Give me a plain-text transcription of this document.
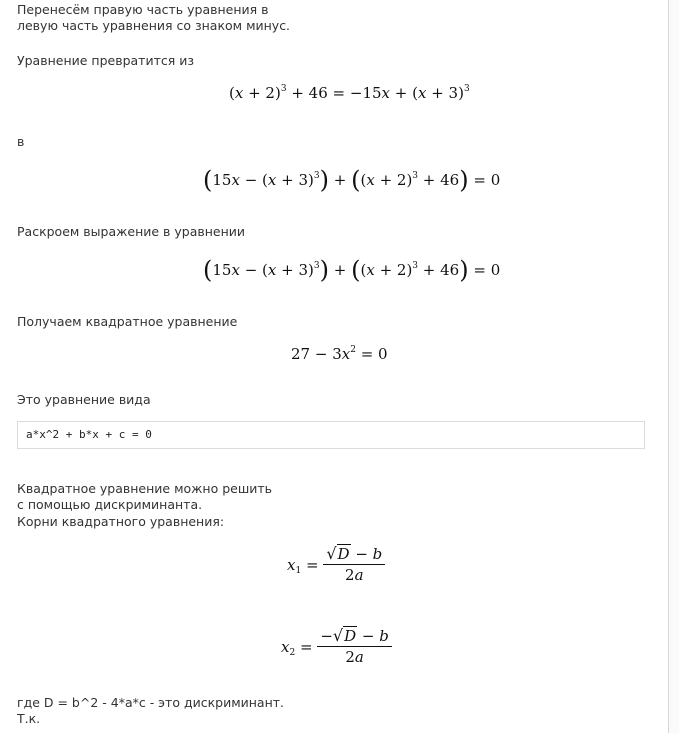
Перенесём правую часть уравнения в
левую часть уравнения со знаком минус.
Уравнение превратится из
$(x + 2)^3 + 46 = -15x + (x + 3)^3$
в
$(15x - (x + 3)^3) + ((x + 2)^3 + 46) = 0$
Раскроем выражение в уравнении
$(15x - (x + 3)^3) + ((x + 2)^3 + 46) = 0$
Получаем квадратное уравнение
$27 - 3x^2 = 0$
Это уравнение вида
a*x^2 + b*x + c = 0
Квадратное уравнение можно решить
с помощью дискриминанта.
Корни квадратного уравнения:
$x_1 = \frac{√D - b}{2a}$
$x_2 = \frac{-√D - b}{2a}$
где D = b^2 - 4*a*c - это дискриминант.
Т.к.
